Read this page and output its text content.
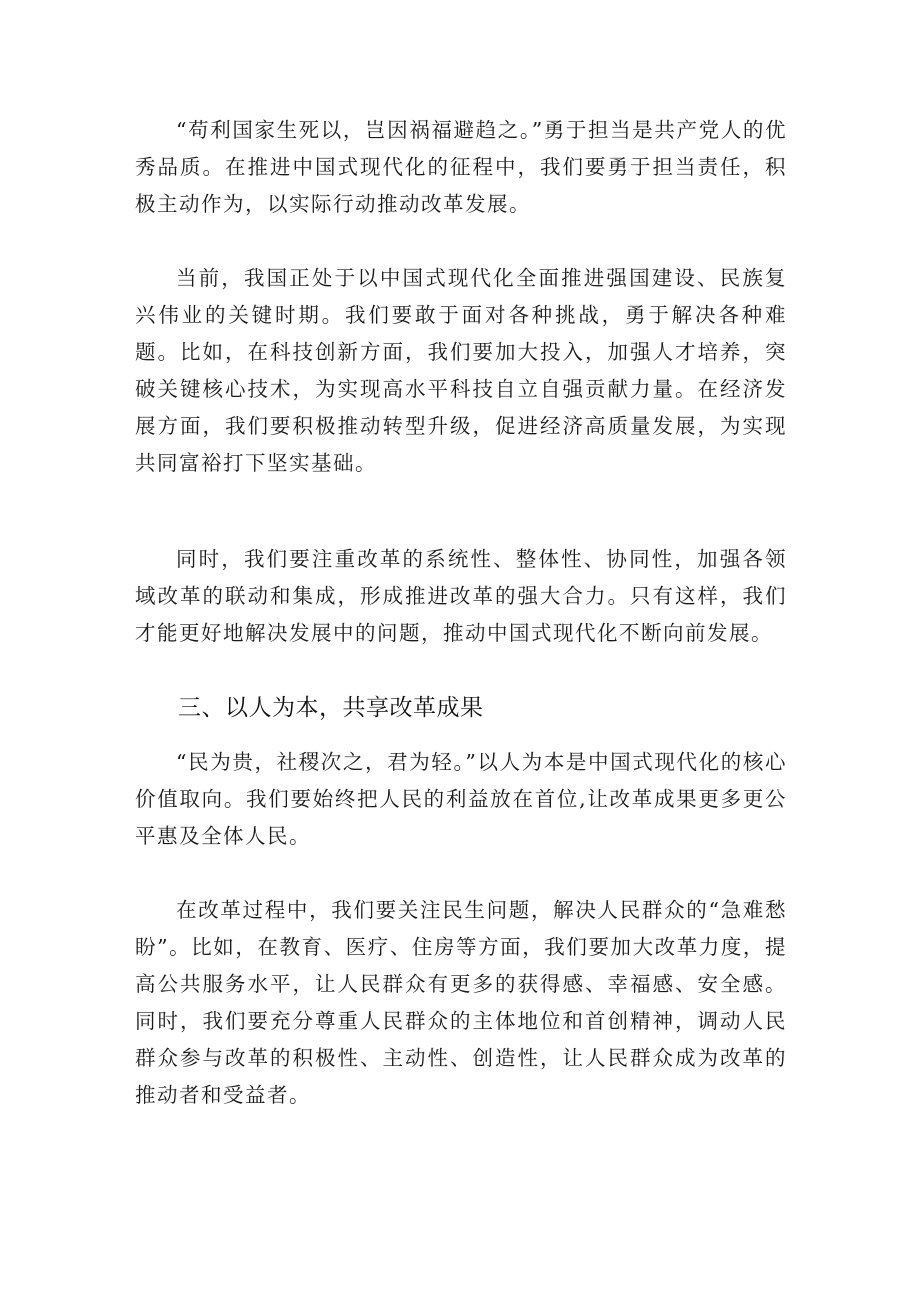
“苟利国家生死以，岂因祸福避趋之。”勇于担当是共产党人的优秀品质。在推进中国式现代化的征程中，我们要勇于担当责任，积极主动作为，以实际行动推动改革发展。

当前，我国正处于以中国式现代化全面推进强国建设、民族复兴伟业的关键时期。我们要敢于面对各种挑战，勇于解决各种难题。比如，在科技创新方面，我们要加大投入，加强人才培养，突破关键核心技术，为实现高水平科技自立自强贡献力量。在经济发展方面，我们要积极推动转型升级，促进经济高质量发展，为实现共同富裕打下坚实基础。

同时，我们要注重改革的系统性、整体性、协同性，加强各领域改革的联动和集成，形成推进改革的强大合力。只有这样，我们才能更好地解决发展中的问题，推动中国式现代化不断向前发展。

三、以人为本，共享改革成果

“民为贵，社稷次之，君为轻。”以人为本是中国式现代化的核心价值取向。我们要始终把人民的利益放在首位,让改革成果更多更公平惠及全体人民。

在改革过程中，我们要关注民生问题，解决人民群众的“急难愁盼”。比如，在教育、医疗、住房等方面，我们要加大改革力度，提高公共服务水平，让人民群众有更多的获得感、幸福感、安全感。同时，我们要充分尊重人民群众的主体地位和首创精神，调动人民群众参与改革的积极性、主动性、创造性，让人民群众成为改革的推动者和受益者。
